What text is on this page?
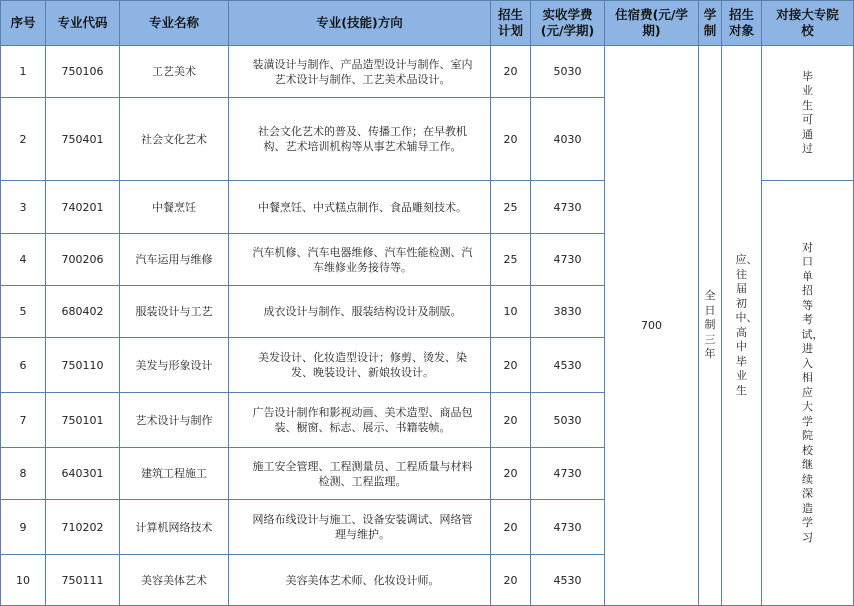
序号	专业代码	专业名称	专业(技能)方向	招生计划	实收学费(元/学期)	住宿费(元/学期)	学制	招生对象	对接大专院校
1	750106	工艺美术	装潢设计与制作、产品造型设计与制作、室内艺术设计与制作、工艺美术品设计。	20	5030	700	全日制三年	应、往届初中、高中毕业生	毕业生可通过

2	750401	社会文化艺术	社会文化艺术的普及、传播工作；在早教机构、艺术培训机构等从事艺术辅导工作。	20	4030				
3	740201	中餐烹饪	中餐烹饪、中式糕点制作、食品雕刻技术。	25	4730				对口单招等考试，进入相应大学院校继续深造学习

4	700206	汽车运用与维修	汽车机修、汽车电器维修、汽车性能检测、汽车维修业务接待等。	25	4730				
5	680402	服装设计与工艺	成衣设计与制作、服装结构设计及制版。	10	3830				
6	750110	美发与形象设计	美发设计、化妆造型设计；修剪、烫发、染发、晚装设计、新娘妆设计。	20	4530				
7	750101	艺术设计与制作	广告设计制作和影视动画、美术造型、商品包装、橱窗、标志、展示、书籍装帧。	20	5030				
8	640301	建筑工程施工	施工安全管理、工程测量员、工程质量与材料检测、工程监理。	20	4730				
9	710202	计算机网络技术	网络布线设计与施工、设备安装调试、网络管理与维护。	20	4730				
10	750111	美容美体艺术	美容美体艺术师、化妆设计师。	20	4530				
